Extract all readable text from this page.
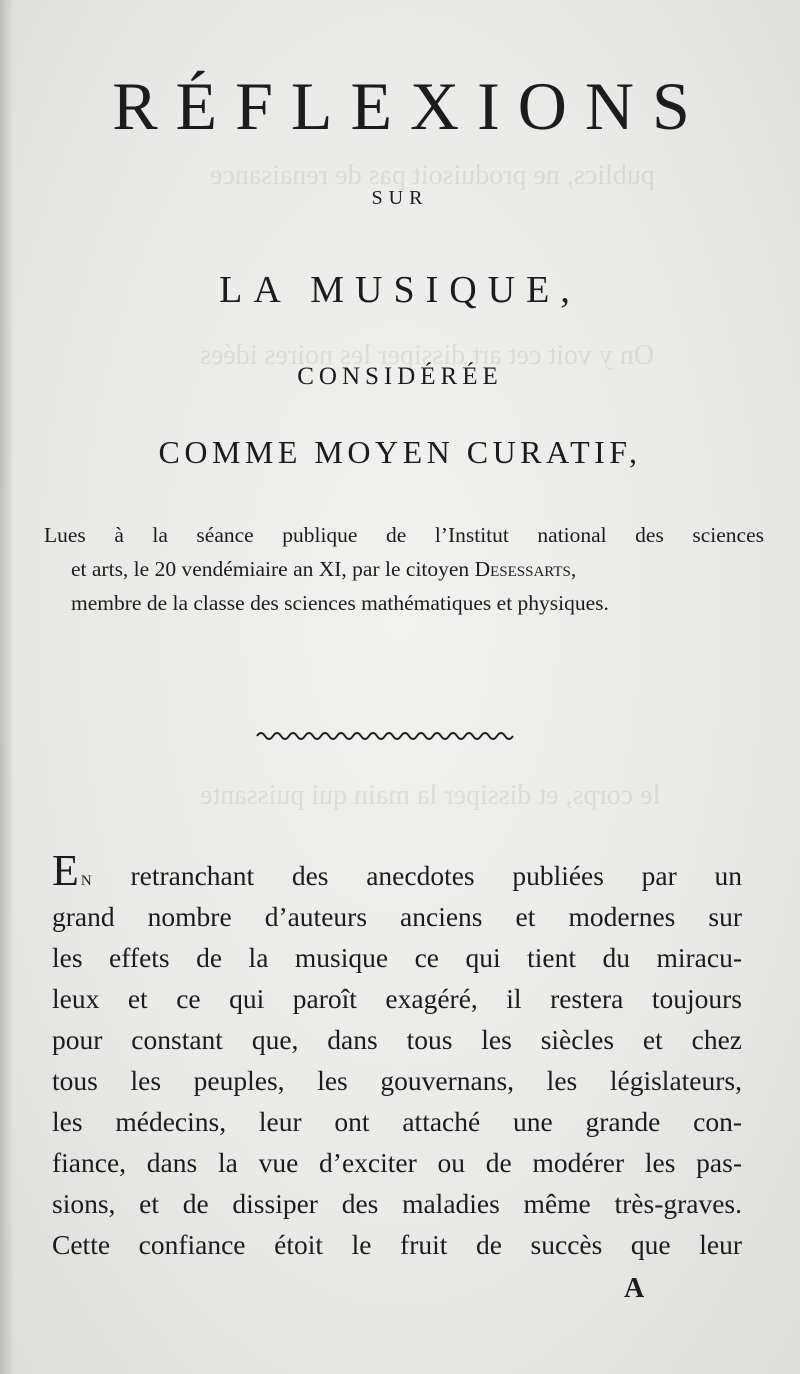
publics, ne produisoit pas de renaisance
On y voit cet art dissiper les noires idées
le corps, et dissiper la main qui puissante
RÉFLEXIONS
SUR
LA MUSIQUE,
CONSIDÉRÉE
COMME MOYEN CURATIF,
Lues à la séance publique de l’Institut national des sciences
et arts, le 20 vendémiaire an XI, par le citoyen Desessarts,
membre de la classe des sciences mathématiques et physiques.
En retranchant des anecdotes publiées par un
grand nombre d’auteurs anciens et modernes sur
les effets de la musique ce qui tient du miracu-
leux et ce qui paroît exagéré, il restera toujours
pour constant que, dans tous les siècles et chez
tous les peuples, les gouvernans, les législateurs,
les médecins, leur ont attaché une grande con-
fiance, dans la vue d’exciter ou de modérer les pas-
sions, et de dissiper des maladies même très-graves.
Cette confiance étoit le fruit de succès que leur
A
